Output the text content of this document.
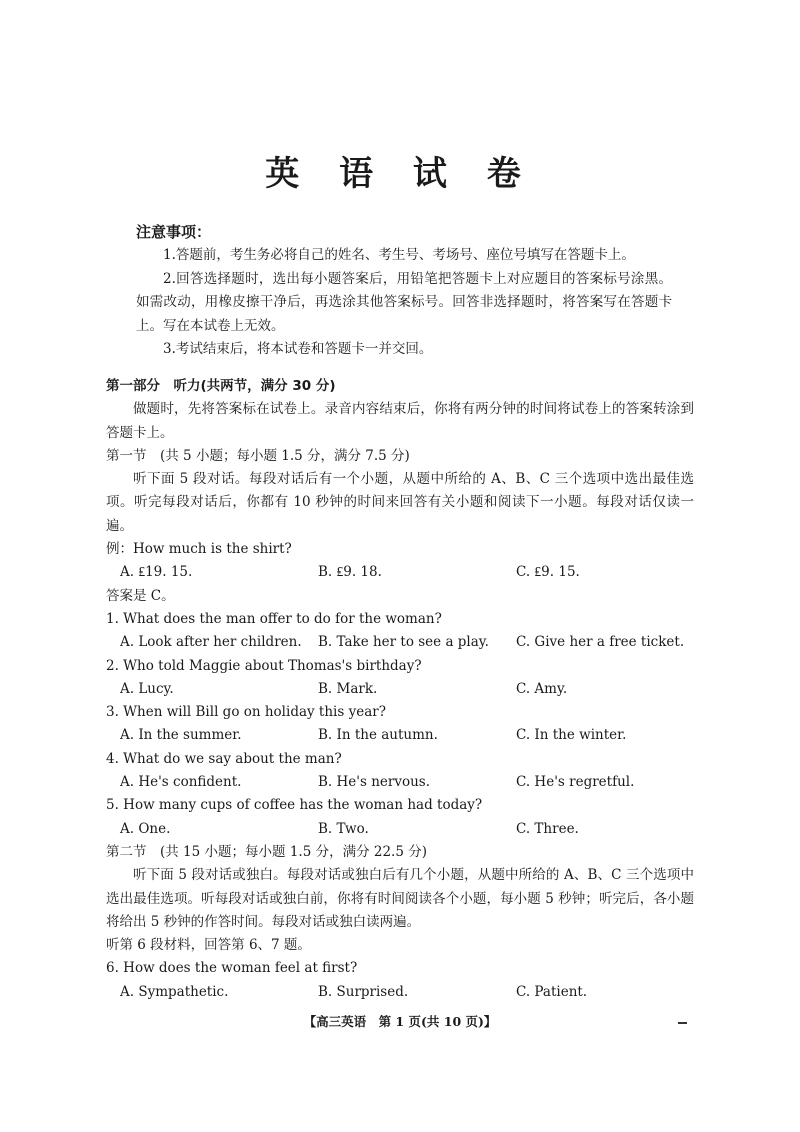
英 语 试 卷
注意事项：

1.答题前，考生务必将自己的姓名、考生号、考场号、座位号填写在答题卡上。

2.回答选择题时，选出每小题答案后，用铅笔把答题卡上对应题目的答案标号涂黑。如需改动，用橡皮擦干净后，再选涂其他答案标号。回答非选择题时，将答案写在答题卡上。写在本试卷上无效。

3.考试结束后，将本试卷和答题卡一并交回。

第一部分　听力(共两节，满分 30 分)

做题时，先将答案标在试卷上。录音内容结束后，你将有两分钟的时间将试卷上的答案转涂到答题卡上。

第一节　(共 5 小题；每小题 1.5 分，满分 7.5 分)

听下面 5 段对话。每段对话后有一个小题，从题中所给的 A、B、C 三个选项中选出最佳选项。听完每段对话后，你都有 10 秒钟的时间来回答有关小题和阅读下一小题。每段对话仅读一遍。

例：How much is the shirt?

A. ₤19. 15.	B. ₤9. 18.	C. ₤9. 15.

答案是 C。

1. What does the man offer to do for the woman?

A. Look after her children.	B. Take her to see a play.	C. Give her a free ticket.

2. Who told Maggie about Thomas's birthday?

A. Lucy.	B. Mark.	C. Amy.

3. When will Bill go on holiday this year?

A. In the summer.	B. In the autumn.	C. In the winter.

4. What do we say about the man?

A. He's confident.	B. He's nervous.	C. He's regretful.

5. How many cups of coffee has the woman had today?

A. One.	B. Two.	C. Three.

第二节　(共 15 小题；每小题 1.5 分，满分 22.5 分)

听下面 5 段对话或独白。每段对话或独白后有几个小题，从题中所给的 A、B、C 三个选项中选出最佳选项。听每段对话或独白前，你将有时间阅读各个小题，每小题 5 秒钟；听完后，各小题将给出 5 秒钟的作答时间。每段对话或独白读两遍。

听第 6 段材料，回答第 6、7 题。

6. How does the woman feel at first?

A. Sympathetic.	B. Surprised.	C. Patient.
【高三英语　第 1 页(共 10 页)】
